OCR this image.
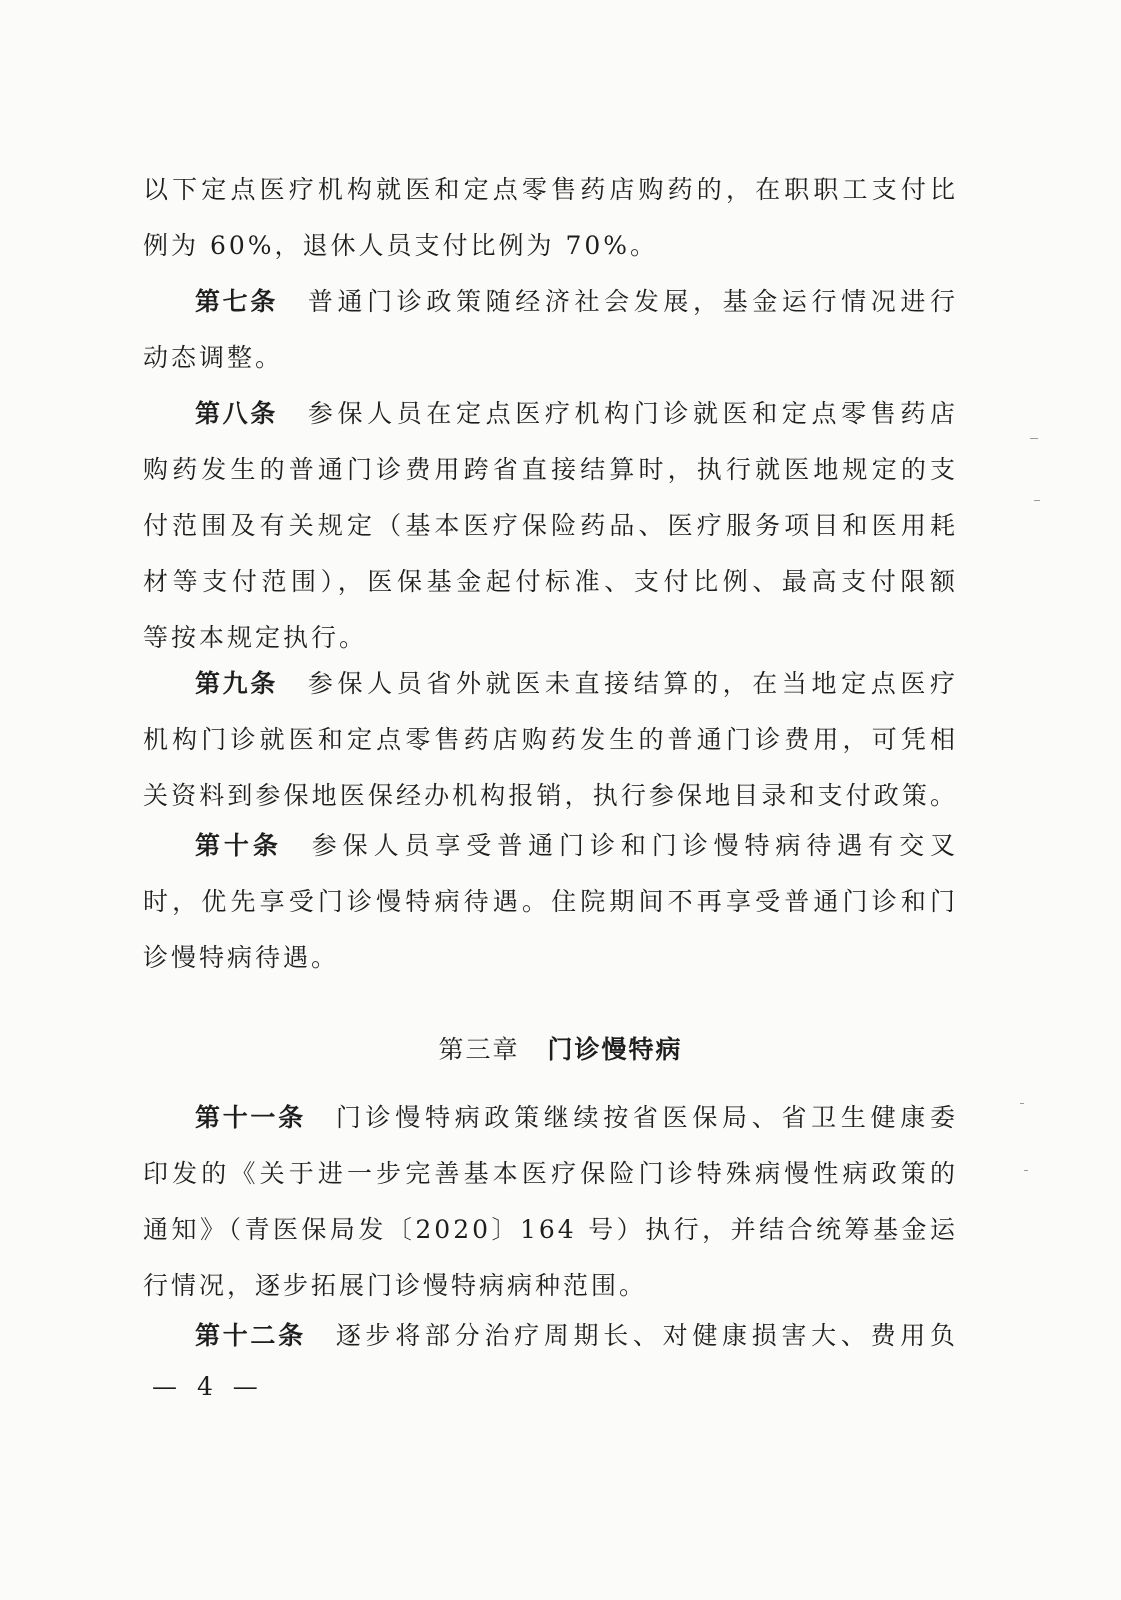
以下定点医疗机构就医和定点零售药店购药的，在职职工支付比
例为 60%，退休人员支付比例为 70%。
第七条 普通门诊政策随经济社会发展，基金运行情况进行
动态调整。
第八条 参保人员在定点医疗机构门诊就医和定点零售药店
购药发生的普通门诊费用跨省直接结算时，执行就医地规定的支
付范围及有关规定（基本医疗保险药品、医疗服务项目和医用耗
材等支付范围），医保基金起付标准、支付比例、最高支付限额
等按本规定执行。
第九条 参保人员省外就医未直接结算的，在当地定点医疗
机构门诊就医和定点零售药店购药发生的普通门诊费用，可凭相
关资料到参保地医保经办机构报销，执行参保地目录和支付政策。
第十条 参保人员享受普通门诊和门诊慢特病待遇有交叉
时，优先享受门诊慢特病待遇。住院期间不再享受普通门诊和门
诊慢特病待遇。
第三章 门诊慢特病
第十一条 门诊慢特病政策继续按省医保局、省卫生健康委
印发的《关于进一步完善基本医疗保险门诊特殊病慢性病政策的
通知》（青医保局发〔2020〕164 号）执行，并结合统筹基金运
行情况，逐步拓展门诊慢特病病种范围。
第十二条 逐步将部分治疗周期长、对健康损害大、费用负
— 4 —
